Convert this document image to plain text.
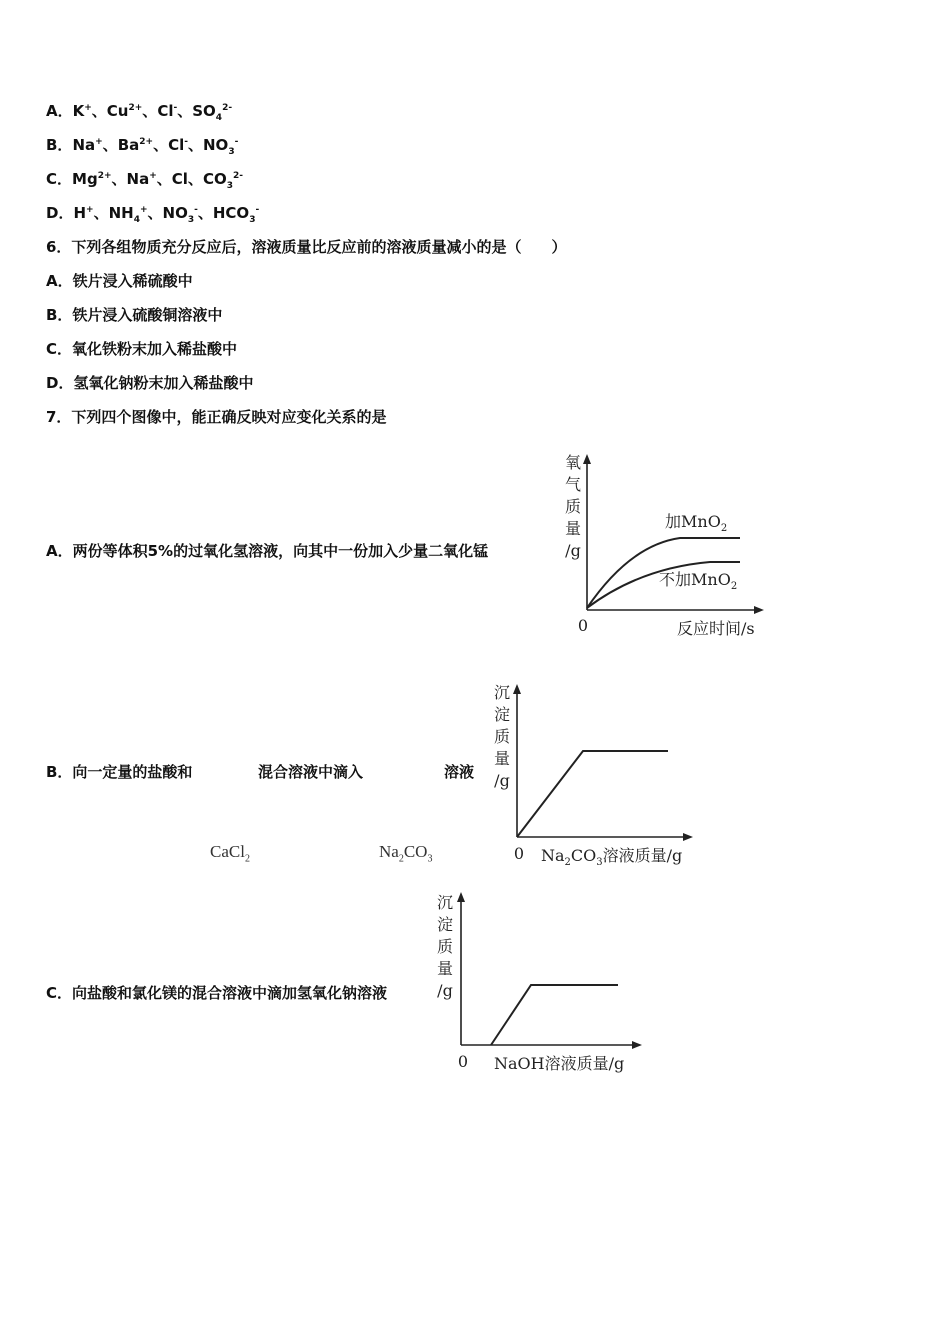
A．K+、$Cu^{2+}$、Cl-、$SO_4^{2-}$
B．Na+、$Ba^{2+}$、Cl-、$NO_3^-$
C．$Mg^{2+}$、Na+、Cl、$CO_3^{2-}$
D．H+、$NH_4^+$、$NO_3^-$、$HCO_3^-$
6．下列各组物质充分反应后，溶液质量比反应前的溶液质量减小的是（　　）
A．铁片浸入稀硫酸中
B．铁片浸入硫酸铜溶液中
C．氧化铁粉末加入稀盐酸中
D．氢氧化钠粉末加入稀盐酸中
7．下列四个图像中，能正确反映对应变化关系的是
A．两份等体积5%的过氧化氢溶液，向其中一份加入少量二氧化锰
氧
气
质
量
/g
加MnO$_2$
不加MnO$_2$
0	反应时间/s
B．向一定量的盐酸和	混合溶液中滴入	溶液
CaCl$_2$	$Na_2CO_3$
沉
淀
质
量
/g
0 $Na_2CO_3$溶液质量/g
C．向盐酸和氯化镁的混合溶液中滴加氢氧化钠溶液
沉
淀
质
量
/g
0 NaOH溶液质量/g
